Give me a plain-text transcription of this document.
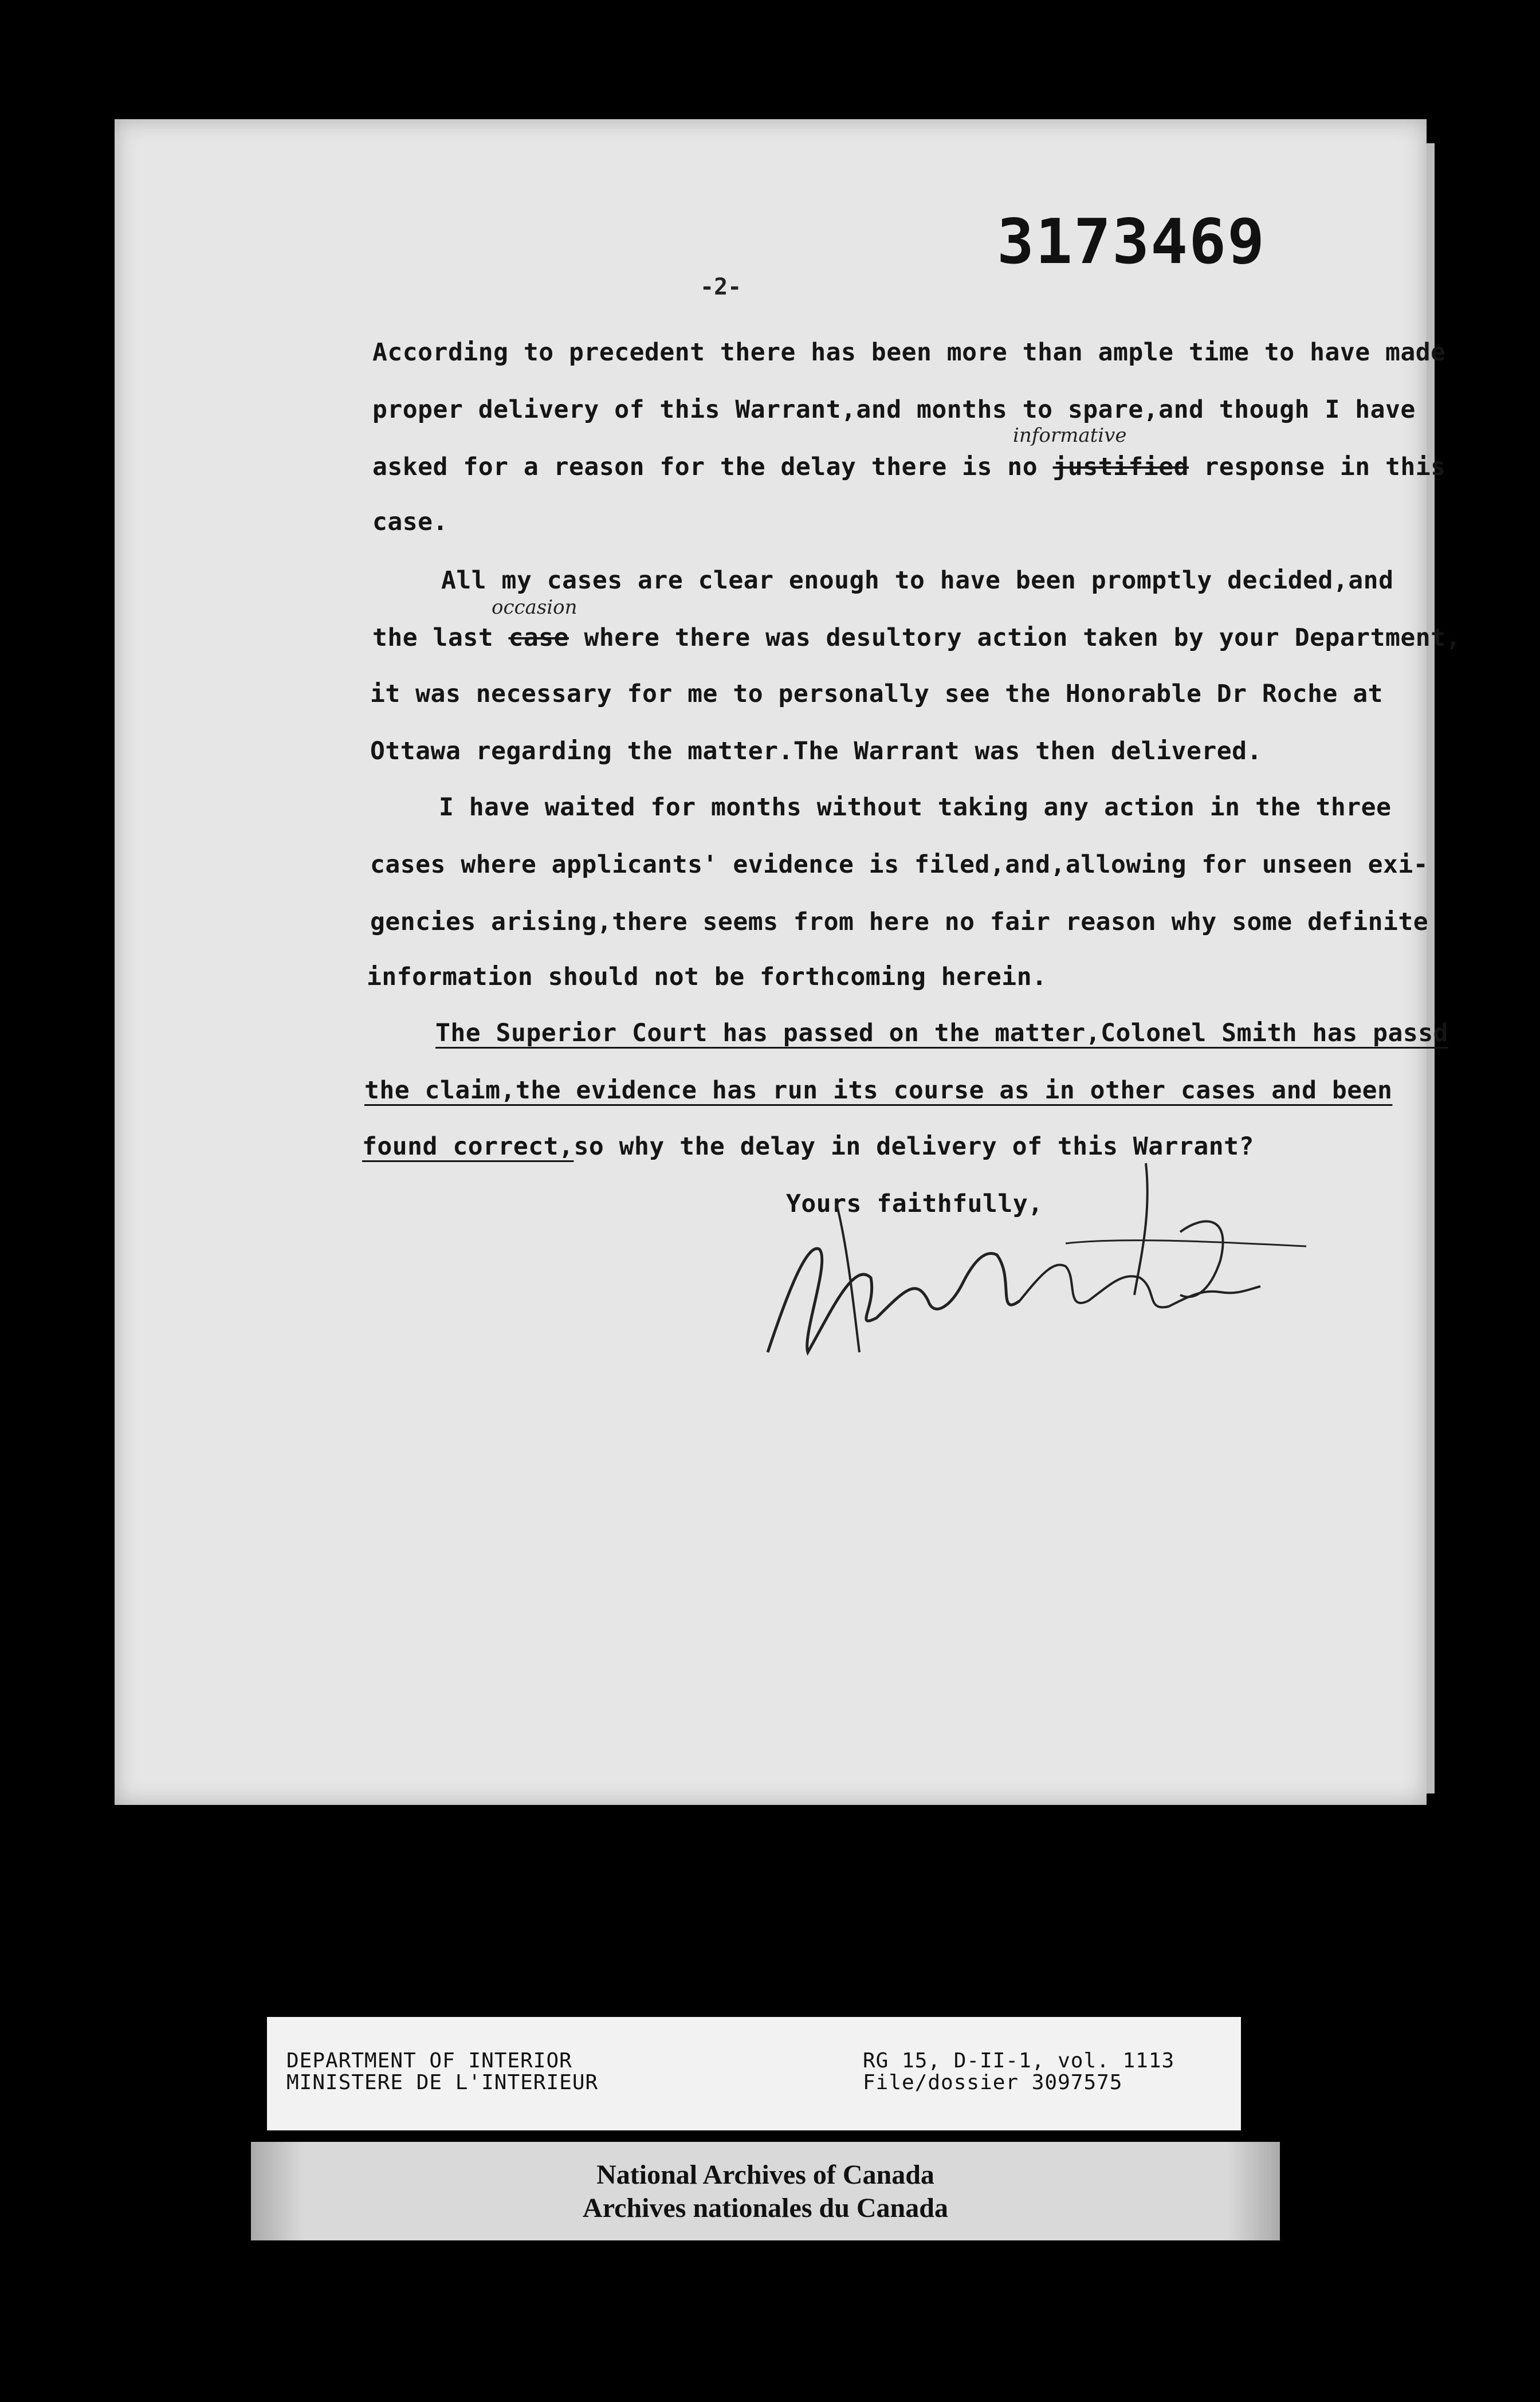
3173469
-2-
informative
occasion
According to precedent there has been more than ample time to have made
proper delivery of this Warrant,and months to spare,and though I have
asked for a reason for the delay there is no justified response in this
case.
All my cases are clear enough to have been promptly decided,and
the last case where there was desultory action taken by your Department,
it was necessary for me to personally see the Honorable Dr Roche at
Ottawa regarding the matter.The Warrant was then delivered.
I have waited for months without taking any action in the three
cases where applicants' evidence is filed,and,allowing for unseen exi-
gencies arising,there seems from here no fair reason why some definite
information should not be forthcoming herein.
The Superior Court has passed on the matter,Colonel Smith has passd
the claim,the evidence has run its course as in other cases and been
found correct,so why the delay in delivery of this Warrant?
Yours faithfully,
DEPARTMENT OF INTERIOR
MINISTERE DE L'INTERIEUR
RG 15, D-II-1, vol. 1113
File/dossier 3097575
National Archives of Canada
Archives nationales du Canada
